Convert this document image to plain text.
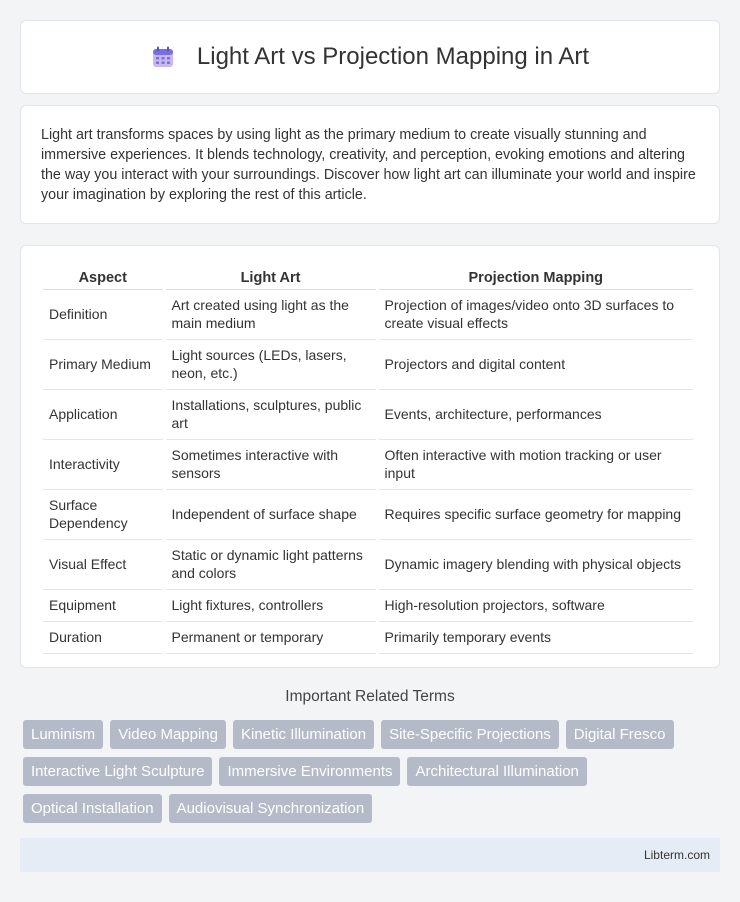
Light Art vs Projection Mapping in Art

Light art transforms spaces by using light as the primary medium to create visually stunning and immersive experiences. It blends technology, creativity, and perception, evoking emotions and altering the way you interact with your surroundings. Discover how light art can illuminate your world and inspire your imagination by exploring the rest of this article.

Aspect	Light Art	Projection Mapping
Definition	Art created using light as the main medium	Projection of images/video onto 3D surfaces to create visual effects
Primary Medium	Light sources (LEDs, lasers, neon, etc.)	Projectors and digital content
Application	Installations, sculptures, public art	Events, architecture, performances
Interactivity	Sometimes interactive with sensors	Often interactive with motion tracking or user input
Surface Dependency	Independent of surface shape	Requires specific surface geometry for mapping
Visual Effect	Static or dynamic light patterns and colors	Dynamic imagery blending with physical objects
Equipment	Light fixtures, controllers	High-resolution projectors, software
Duration	Permanent or temporary	Primarily temporary events
Important Related Terms
Luminism	Video Mapping	Kinetic Illumination	Site-Specific Projections	Digital Fresco
Interactive Light Sculpture	Immersive Environments	Architectural Illumination
Optical Installation	Audiovisual Synchronization
Libterm.com
